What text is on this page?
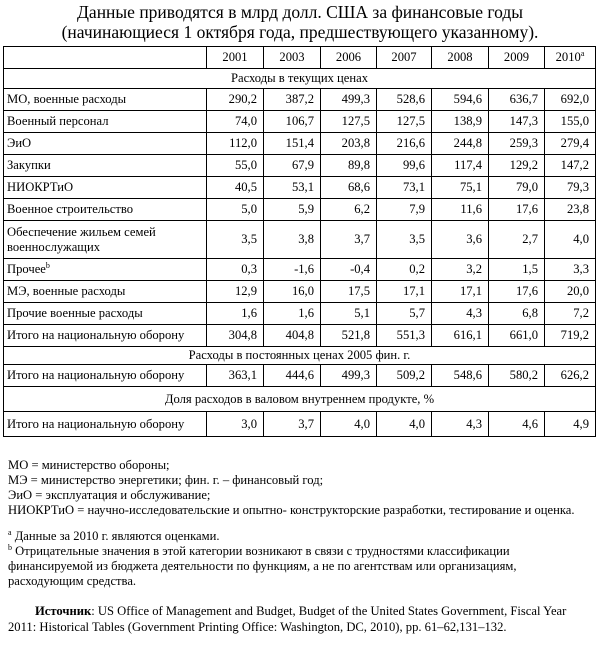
Данные приводятся в млрд долл. США за финансовые годы
(начинающиеся 1 октября года, предшествующего указанному).
	2001	2003	2006	2007	2008	2009	2010$^a$
Расходы в текущих ценах							
МО, военные расходы	290,2	387,2	499,3	528,6	594,6	636,7	692,0
Военный персонал	74,0	106,7	127,5	127,5	138,9	147,3	155,0
ЭиО	112,0	151,4	203,8	216,6	244,8	259,3	279,4
Закупки	55,0	67,9	89,8	99,6	117,4	129,2	147,2
НИОКРТиО	40,5	53,1	68,6	73,1	75,1	79,0	79,3
Военное строительство	5,0	5,9	6,2	7,9	11,6	17,6	23,8
Обеспечение жильем семей военнослужащих	3,5	3,8	3,7	3,5	3,6	2,7	4,0
Прочее$^b$	0,3	-1,6	-0,4	0,2	3,2	1,5	3,3
МЭ, военные расходы	12,9	16,0	17,5	17,1	17,1	17,6	20,0
Прочие военные расходы	1,6	1,6	5,1	5,7	4,3	6,8	7,2
Итого на национальную оборону	304,8	404,8	521,8	551,3	616,1	661,0	719,2
Расходы в постоянных ценах 2005 фин. г.							
Итого на национальную оборону	363,1	444,6	499,3	509,2	548,6	580,2	626,2
Доля расходов в валовом внутреннем продукте, %							
Итого на национальную оборону	3,0	3,7	4,0	4,0	4,3	4,6	4,9
МО = министерство обороны;
МЭ = министерство энергетики; фин. г. – финансовый год;
ЭиО = эксплуатация и обслуживание;
НИОКРТиО = научно-исследовательские и опытно- конструкторские разработки, тестирование и оценка.
$^a$ Данные за 2010 г. являются оценками.
$^b$ Отрицательные значения в этой категории возникают в связи с трудностями классификации финансируемой из бюджета деятельности по функциям, а не по агентствам или организациям, расходующим средства.
Источник: US Office of Management and Budget, Budget of the United States Government, Fiscal Year 2011: Historical Tables (Government Printing Office: Washington, DC, 2010), pp. 61–62,131–132.
